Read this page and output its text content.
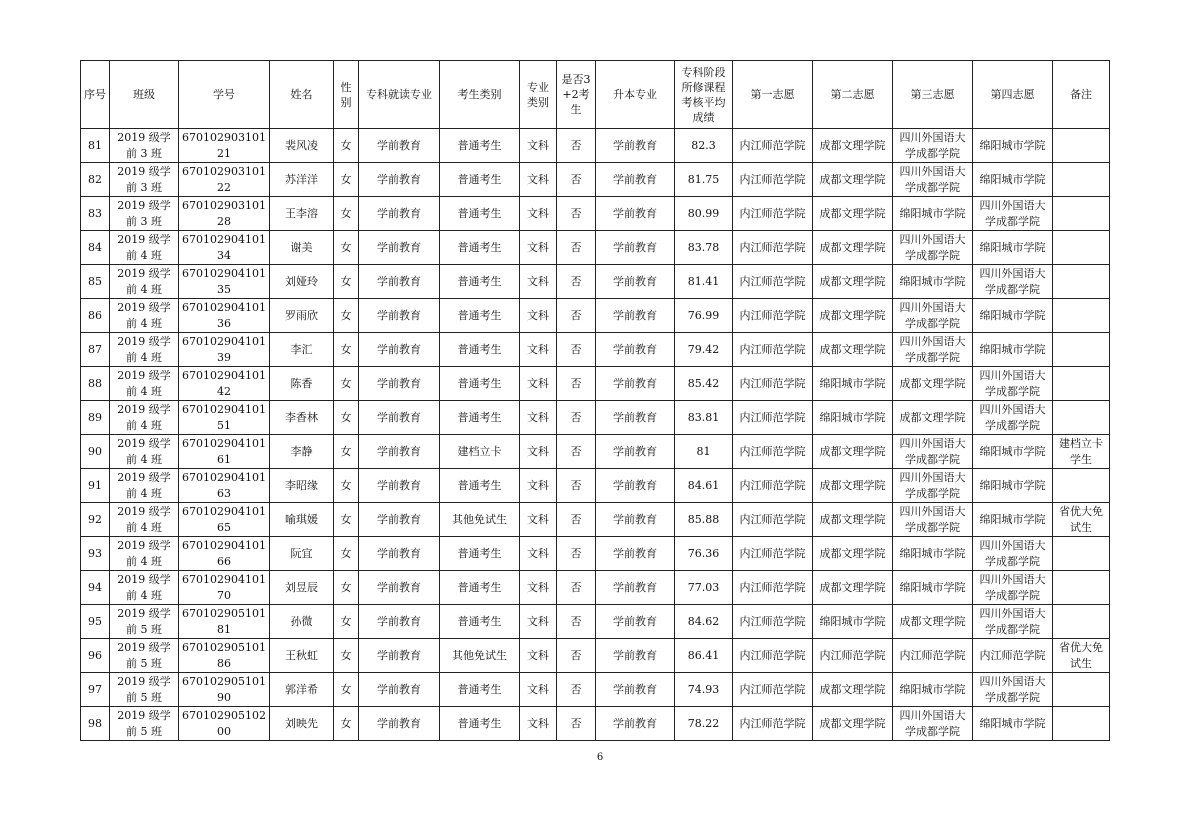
序号	班级	学号	姓名	性别	专科就读专业	考生类别	专业类别	是否3+2考生	升本专业	专科阶段所修课程考核平均成绩	第一志愿	第二志愿	第三志愿	第四志愿	备注
81	2019 级学前 3 班	67010290310121	裴风凌	女	学前教育	普通考生	文科	否	学前教育	82.3	内江师范学院	成都文理学院	四川外国语大学成都学院	绵阳城市学院	
82	2019 级学前 3 班	67010290310122	苏洋洋	女	学前教育	普通考生	文科	否	学前教育	81.75	内江师范学院	成都文理学院	四川外国语大学成都学院	绵阳城市学院	
83	2019 级学前 3 班	67010290310128	王李溶	女	学前教育	普通考生	文科	否	学前教育	80.99	内江师范学院	成都文理学院	绵阳城市学院	四川外国语大学成都学院	
84	2019 级学前 4 班	67010290410134	谢美	女	学前教育	普通考生	文科	否	学前教育	83.78	内江师范学院	成都文理学院	四川外国语大学成都学院	绵阳城市学院	
85	2019 级学前 4 班	67010290410135	刘娅玲	女	学前教育	普通考生	文科	否	学前教育	81.41	内江师范学院	成都文理学院	绵阳城市学院	四川外国语大学成都学院	
86	2019 级学前 4 班	67010290410136	罗雨欣	女	学前教育	普通考生	文科	否	学前教育	76.99	内江师范学院	成都文理学院	四川外国语大学成都学院	绵阳城市学院	
87	2019 级学前 4 班	67010290410139	李汇	女	学前教育	普通考生	文科	否	学前教育	79.42	内江师范学院	成都文理学院	四川外国语大学成都学院	绵阳城市学院	
88	2019 级学前 4 班	67010290410142	陈香	女	学前教育	普通考生	文科	否	学前教育	85.42	内江师范学院	绵阳城市学院	成都文理学院	四川外国语大学成都学院	
89	2019 级学前 4 班	67010290410151	李香林	女	学前教育	普通考生	文科	否	学前教育	83.81	内江师范学院	绵阳城市学院	成都文理学院	四川外国语大学成都学院	
90	2019 级学前 4 班	67010290410161	李静	女	学前教育	建档立卡	文科	否	学前教育	81	内江师范学院	成都文理学院	四川外国语大学成都学院	绵阳城市学院	建档立卡学生
91	2019 级学前 4 班	67010290410163	李昭缘	女	学前教育	普通考生	文科	否	学前教育	84.61	内江师范学院	成都文理学院	四川外国语大学成都学院	绵阳城市学院	
92	2019 级学前 4 班	67010290410165	喻琪媛	女	学前教育	其他免试生	文科	否	学前教育	85.88	内江师范学院	成都文理学院	四川外国语大学成都学院	绵阳城市学院	省优大免试生
93	2019 级学前 4 班	67010290410166	阮宜	女	学前教育	普通考生	文科	否	学前教育	76.36	内江师范学院	成都文理学院	绵阳城市学院	四川外国语大学成都学院	
94	2019 级学前 4 班	67010290410170	刘昱辰	女	学前教育	普通考生	文科	否	学前教育	77.03	内江师范学院	成都文理学院	绵阳城市学院	四川外国语大学成都学院	
95	2019 级学前 5 班	67010290510181	孙微	女	学前教育	普通考生	文科	否	学前教育	84.62	内江师范学院	绵阳城市学院	成都文理学院	四川外国语大学成都学院	
96	2019 级学前 5 班	67010290510186	王秋虹	女	学前教育	其他免试生	文科	否	学前教育	86.41	内江师范学院	内江师范学院	内江师范学院	内江师范学院	省优大免试生
97	2019 级学前 5 班	67010290510190	郭洋希	女	学前教育	普通考生	文科	否	学前教育	74.93	内江师范学院	成都文理学院	绵阳城市学院	四川外国语大学成都学院	
98	2019 级学前 5 班	67010290510200	刘映先	女	学前教育	普通考生	文科	否	学前教育	78.22	内江师范学院	成都文理学院	四川外国语大学成都学院	绵阳城市学院	
6
